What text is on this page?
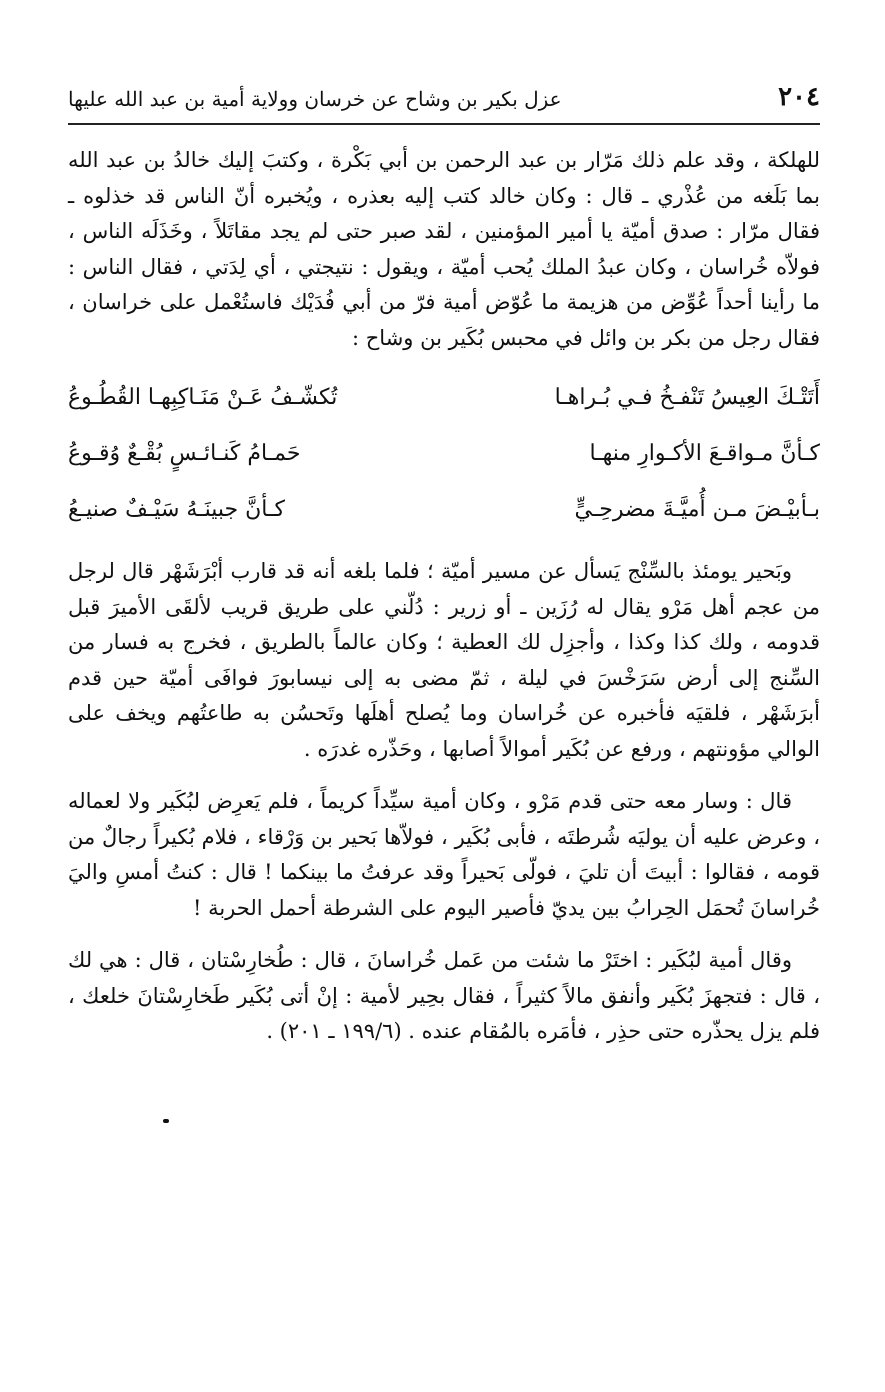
٢٠٤
عزل بكير بن وشاح عن خرسان وولاية أمية بن عبد الله عليها

للهلكة ، وقد علم ذلك مَرّار بن عبد الرحمن بن أبي بَكْرة ، وكتبَ إليك خالدُ بن عبد الله بما بَلَغه من عُذْري ـ قال : وكان خالد كتب إليه بعذره ، ويُخبره أنّ الناس قد خذلوه ـ فقال مرّار : صدق أميّة يا أمير المؤمنين ، لقد صبر حتى لم يجد مقاتَلاً ، وخَذَلَه الناس ، فولاّه خُراسان ، وكان عبدُ الملك يُحب أميّة ، ويقول : نتيجتي ، أي لِدَتي ، فقال الناس : ما رأينا أحداً عُوِّض من هزيمة ما عُوّض أمية فرّ من أبي فُدَيْك فاستُعْمل على خراسان ، فقال رجل من بكر بن وائل في محبس بُكَير بن وشاح :

أَتَتْـكَ العِيسُ تَنْفـخُ فـي بُـراهـا
تُكشّـفُ عَـنْ مَنَـاكِبِهـا القُطُـوعُ
كـأنَّ مـواقـعَ الأكـوارِ منهـا
حَمـامُ كَنـائـسٍ بُقْـعٌ وُقـوعُ
بـأبيْـضَ مـن أُميَّـةَ مضرحِـيٍّ
كـأنَّ جبينَـهُ سَيْـفٌ صنيـعُ

وبَحير يومئذ بالسِّنْج يَسأل عن مسير أميّة ؛ فلما بلغه أنه قد قارب أبْرَشَهْر قال لرجل من عجم أهل مَرْو يقال له رُزَين ـ أو زرير : دُلّني على طريق قريب لألقَى الأميرَ قبل قدومه ، ولك كذا وكذا ، وأجزِل لك العطية ؛ وكان عالماً بالطريق ، فخرج به فسار من السِّنج إلى أرض سَرَخْسَ في ليلة ، ثمّ مضى به إلى نيسابورَ فوافَى أميّة حين قدم أبرَشَهْر ، فلقيَه فأخبره عن خُراسان وما يُصلح أهلَها وتَحسُن به طاعتُهم ويخف على الوالي مؤونتهم ، ورفع عن بُكَير أموالاً أصابها ، وحَذّره غدرَه .

قال : وسار معه حتى قدم مَرْو ، وكان أمية سيِّداً كريماً ، فلم يَعرِض لبُكَير ولا لعماله ، وعرض عليه أن يوليَه شُرطتَه ، فأبى بُكَير ، فولاّها بَحير بن وَرْقاء ، فلام بُكيراً رجالٌ من قومه ، فقالوا : أبيتَ أن تليَ ، فولّى بَحيراً وقد عرفتُ ما بينكما ! قال : كنتُ أمسِ واليَ خُراسانَ تُحمَل الحِرابُ بين يديّ فأصير اليوم على الشرطة أحمل الحربة !

وقال أمية لبُكَير : اختَرْ ما شئت من عَمل خُراسانَ ، قال : طُخارِسْتان ، قال : هي لك ، قال : فتجهزَ بُكَير وأنفق مالاً كثيراً ، فقال بحِير لأمية : إنْ أتى بُكَير طَخارِسْتانَ خلعك ، فلم يزل يحذّره حتى حذِر ، فأمَره بالمُقام عنده . (١٩٩/٦ ـ ٢٠١) .
